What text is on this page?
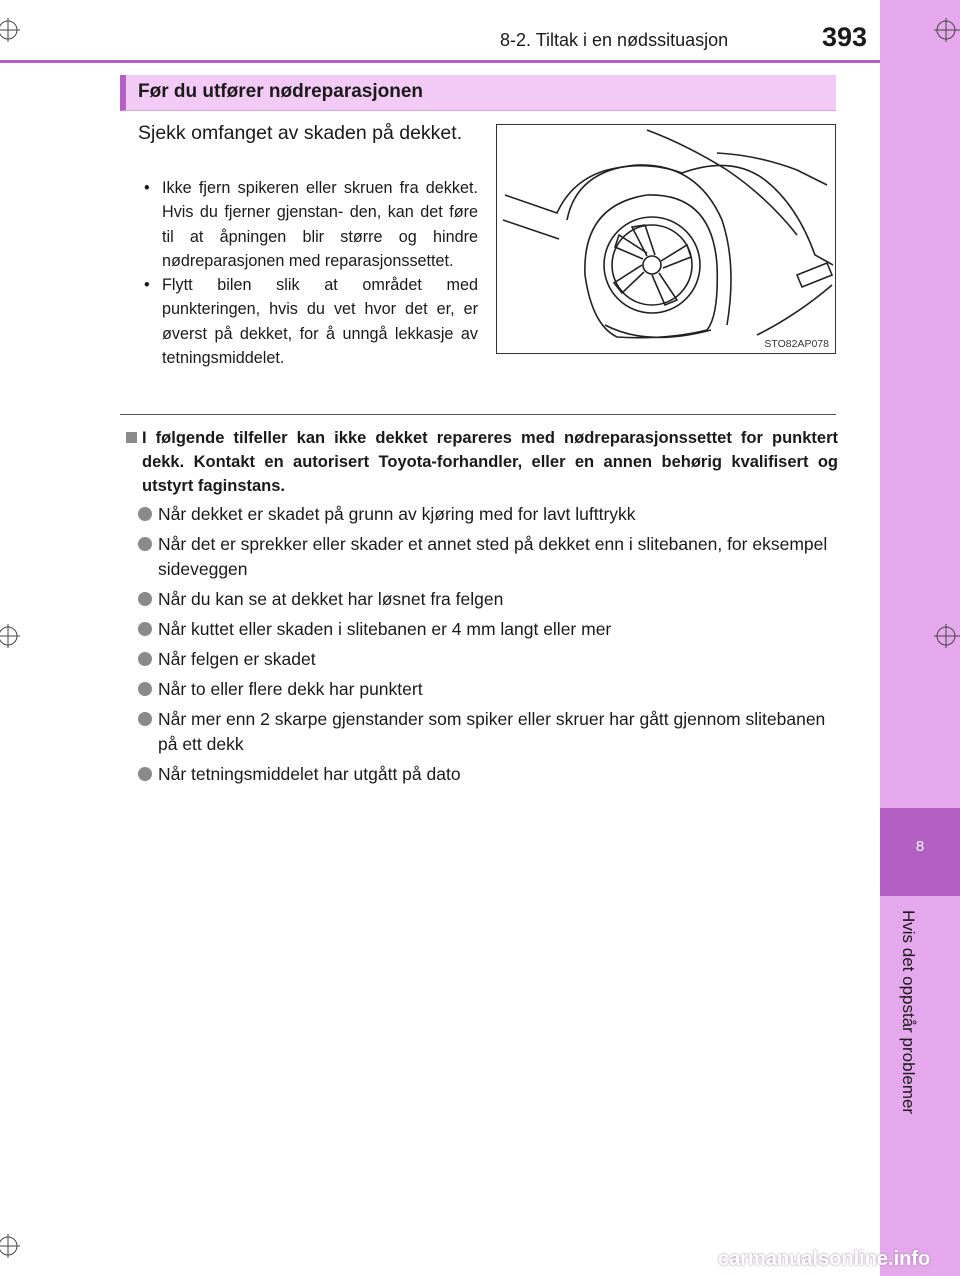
8
Hvis det oppstår problemer
8-2. Tiltak i en nødssituasjon	393
Før du utfører nødreparasjonen
Sjekk omfanget av skaden på dekket.
• Ikke fjern spikeren eller skruen fra dekket. Hvis du fjerner gjenstan- den, kan det føre til at åpningen blir større og hindre nødreparasjonen med reparasjonssettet.
• Flytt bilen slik at området med punkteringen, hvis du vet hvor det er, er øverst på dekket, for å unngå lekkasje av tetningsmiddelet.
STO82AP078

I følgende tilfeller kan ikke dekket repareres med nødreparasjonssettet for punktert dekk. Kontakt en autorisert Toyota-forhandler, eller en annen behørig kvalifisert og utstyrt faginstans.

Når dekket er skadet på grunn av kjøring med for lavt lufttrykk
Når det er sprekker eller skader et annet sted på dekket enn i slitebanen, for eksempel sideveggen
Når du kan se at dekket har løsnet fra felgen
Når kuttet eller skaden i slitebanen er 4 mm langt eller mer
Når felgen er skadet
Når to eller flere dekk har punktert
Når mer enn 2 skarpe gjenstander som spiker eller skruer har gått gjennom slitebanen på ett dekk
Når tetningsmiddelet har utgått på dato
carmanualsonline.info
